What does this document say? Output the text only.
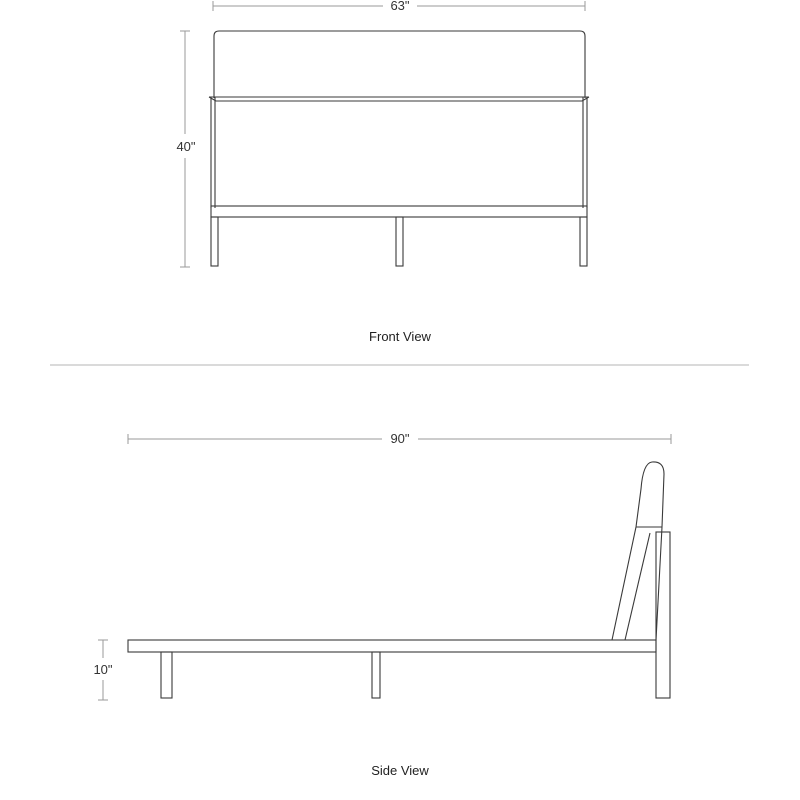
63"
40"
Front View
90"
10"
Side View
